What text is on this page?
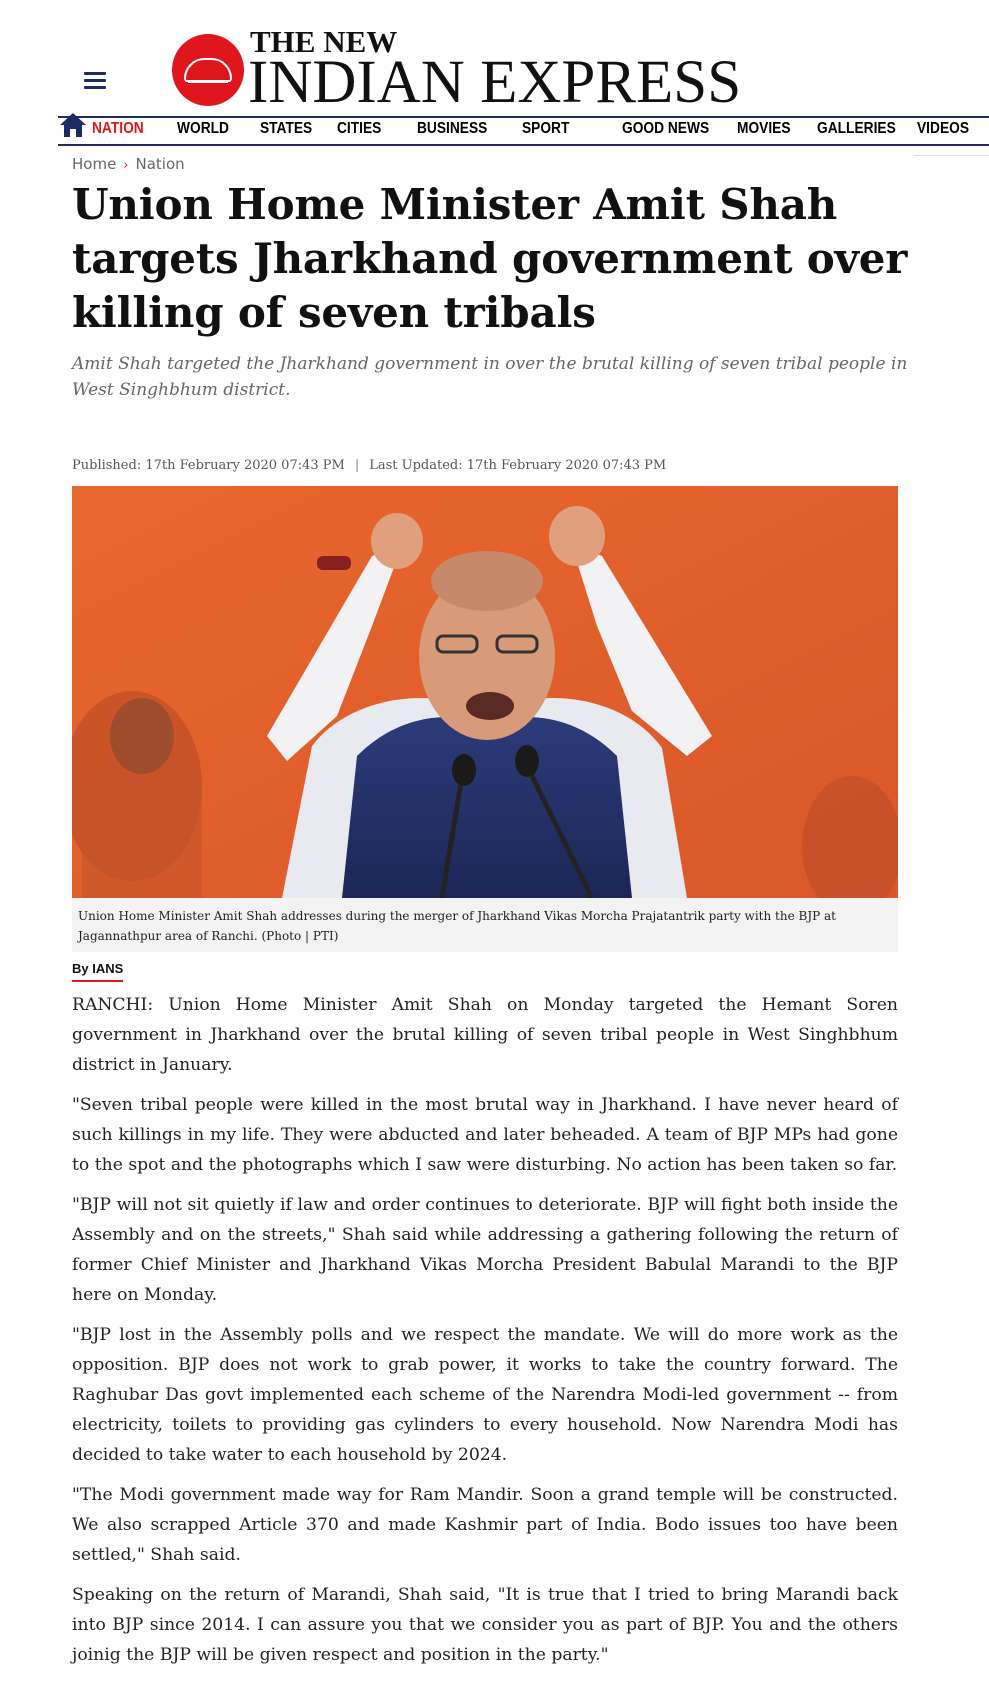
THE NEW
INDIAN EXPRESS
NATION WORLD STATES CITIES BUSINESS SPORT	GOOD NEWS MOVIES GALLERIES VIDEOS
Home › Nation
Union Home Minister Amit Shah targets Jharkhand government over killing of seven tribals

Amit Shah targeted the Jharkhand government in over the brutal killing of seven tribal people in West Singhbhum district.

Published: 17th February 2020 07:43 PM | Last Updated: 17th February 2020 07:43 PM
Union Home Minister Amit Shah addresses during the merger of Jharkhand Vikas Morcha Prajatantrik party with the BJP at Jagannathpur area of Ranchi. (Photo | PTI)
By IANS

RANCHI: Union Home Minister Amit Shah on Monday targeted the Hemant Soren government in Jharkhand over the brutal killing of seven tribal people in West Singhbhum district in January.

"Seven tribal people were killed in the most brutal way in Jharkhand. I have never heard of such killings in my life. They were abducted and later beheaded. A team of BJP MPs had gone to the spot and the photographs which I saw were disturbing. No action has been taken so far.

"BJP will not sit quietly if law and order continues to deteriorate. BJP will fight both inside the Assembly and on the streets," Shah said while addressing a gathering following the return of former Chief Minister and Jharkhand Vikas Morcha President Babulal Marandi to the BJP here on Monday.

"BJP lost in the Assembly polls and we respect the mandate. We will do more work as the opposition. BJP does not work to grab power, it works to take the country forward. The Raghubar Das govt implemented each scheme of the Narendra Modi-led government -- from electricity, toilets to providing gas cylinders to every household. Now Narendra Modi has decided to take water to each household by 2024.

"The Modi government made way for Ram Mandir. Soon a grand temple will be constructed. We also scrapped Article 370 and made Kashmir part of India. Bodo issues too have been settled," Shah said.

Speaking on the return of Marandi, Shah said, "It is true that I tried to bring Marandi back into BJP since 2014. I can assure you that we consider you as part of BJP. You and the others joinig the BJP will be given respect and position in the party."
